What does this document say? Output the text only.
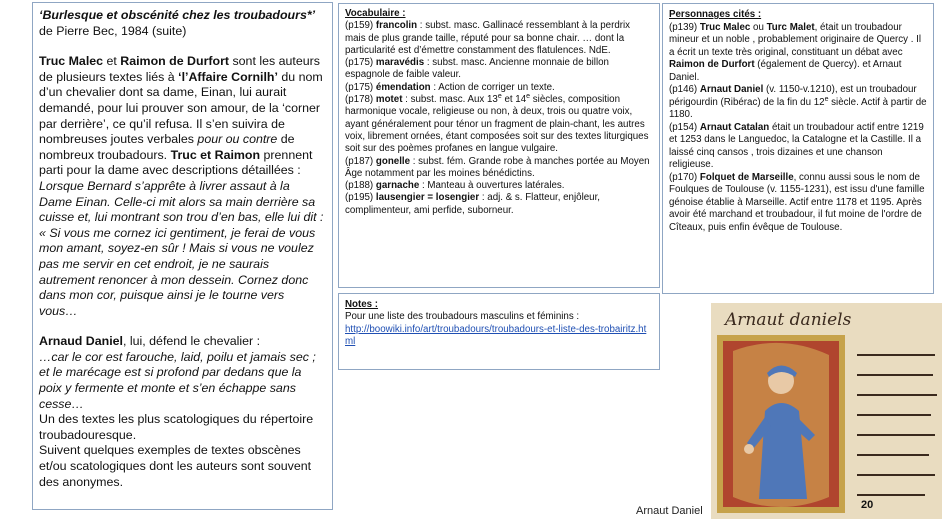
‘Burlesque et obscénité chez les troubadours*’ de Pierre Bec, 1984 (suite)

Truc Malec et Raimon de Durfort sont les auteurs de plusieurs textes liés à ‘l’Affaire Cornilh’ du nom d’un chevalier dont sa dame, Einan, lui aurait demandé, pour lui prouver son amour, de la ‘corner par derrière’, ce qu’il refusa. Il s’en suivira de nombreuses joutes verbales pour ou contre de nombreux troubadours. Truc et Raimon prennent parti pour la dame avec descriptions détaillées :

Lorsque Bernard s’apprête à livrer assaut à la Dame Einan. Celle-ci mit alors sa main derrière sa cuisse et, lui montrant son trou d’en bas, elle lui dit : « Si vous me cornez ici gentiment, je ferai de vous mon amant, soyez-en sûr ! Mais si vous ne voulez pas me servir en cet endroit, je ne saurais autrement renoncer à mon dessein. Cornez donc dans mon cor, puisque ainsi je le tourne vers vous…

Arnaud Daniel, lui, défend le chevalier :

…car le cor est farouche, laid, poilu et jamais sec ; et le marécage est si profond par dedans que la poix y fermente et monte et s’en échappe sans cesse…

Un des textes les plus scatologiques du répertoire troubadouresque.

Suivent quelques exemples de textes obscènes et/ou scatologiques dont les auteurs sont souvent des anonymes.

Vocabulaire :
(p159) francolin : subst. masc. Gallinacé ressemblant à la perdrix mais de plus grande taille, réputé pour sa bonne chair. … dont la particularité est d’émettre constamment des flatulences. NdE.
(p175) maravédis : subst. masc. Ancienne monnaie de billon espagnole de faible valeur.
(p175) émendation : Action de corriger un texte.
(p178) motet : subst. masc. Aux 13e et 14e siècles, composition harmonique vocale, religieuse ou non, à deux, trois ou quatre voix, ayant généralement pour ténor un fragment de plain-chant, les autres voix, librement ornées, étant composées soit sur des textes liturgiques soit sur des poèmes profanes en langue vulgaire.
(p187) gonelle : subst. fém. Grande robe à manches portée au Moyen Âge notamment par les moines bénédictins.
(p188) garnache : Manteau à ouvertures latérales.
(p195) lausengier = losengier : adj. & s. Flatteur, enjôleur, complimenteur, ami perfide, suborneur.
Notes :
Pour une liste des troubadours masculins et féminins :
http://boowiki.info/art/troubadours/troubadours-et-liste-des-trobairitz.html
Personnages cités :
(p139) Truc Malec ou Turc Malet, était un troubadour mineur et un noble , probablement originaire de Quercy . Il a écrit un texte très original, constituant un débat avec Raimon de Durfort (également de Quercy). et Arnaut Daniel.
(p146) Arnaut Daniel (v. 1150-v.1210), est un troubadour périgourdin (Ribérac) de la fin du 12e siècle. Actif à partir de 1180.
(p154) Arnaut Catalan était un troubadour actif entre 1219 et 1253 dans le Languedoc, la Catalogne et la Castille. Il a laissé cinq cansos , trois dizaines et une chanson religieuse.
(p170) Folquet de Marseille, connu aussi sous le nom de Foulques de Toulouse (v. 1155-1231), est issu d'une famille génoise établie à Marseille. Actif entre 1178 et 1195. Après avoir été marchand et troubadour, il fut moine de l'ordre de Cîteaux, puis enfin évêque de Toulouse.
Arnaut daniels
Arnaut Daniel	20
